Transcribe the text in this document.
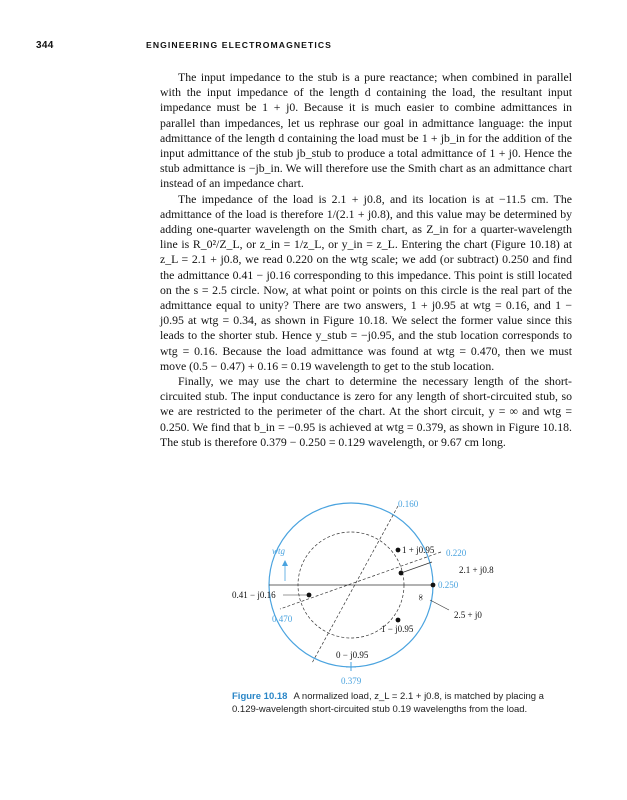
344	ENGINEERING ELECTROMAGNETICS

The input impedance to the stub is a pure reactance; when combined in parallel with the input impedance of the length d containing the load, the resultant input impedance must be 1 + j0. Because it is much easier to combine admittances in parallel than impedances, let us rephrase our goal in admittance language: the input admittance of the length d containing the load must be 1 + jb_in for the addition of the input admittance of the stub jb_stub to produce a total admittance of 1 + j0. Hence the stub admittance is −jb_in. We will therefore use the Smith chart as an admittance chart instead of an impedance chart.

The impedance of the load is 2.1 + j0.8, and its location is at −11.5 cm. The admittance of the load is therefore 1/(2.1 + j0.8), and this value may be determined by adding one-quarter wavelength on the Smith chart, as Z_in for a quarter-wavelength line is R_0²/Z_L, or z_in = 1/z_L, or y_in = z_L. Entering the chart (Figure 10.18) at z_L = 2.1 + j0.8, we read 0.220 on the wtg scale; we add (or subtract) 0.250 and find the admittance 0.41 − j0.16 corresponding to this impedance. This point is still located on the s = 2.5 circle. Now, at what point or points on this circle is the real part of the admittance equal to unity? There are two answers, 1 + j0.95 at wtg = 0.16, and 1 − j0.95 at wtg = 0.34, as shown in Figure 10.18. We select the former value since this leads to the shorter stub. Hence y_stub = −j0.95, and the stub location corresponds to wtg = 0.16. Because the load admittance was found at wtg = 0.470, then we must move (0.5 − 0.47) + 0.16 = 0.19 wavelength to get to the stub location.

Finally, we may use the chart to determine the necessary length of the short-circuited stub. The input conductance is zero for any length of short-circuited stub, so we are restricted to the perimeter of the chart. At the short circuit, y = ∞ and wtg = 0.250. We find that b_in = −0.95 is achieved at wtg = 0.379, as shown in Figure 10.18. The stub is therefore 0.379 − 0.250 = 0.129 wavelength, or 9.67 cm long.

0.160
wtg	1 + j0.95 0.220
2.1 + j0.8
0.250
∞
0.41 − j0.16
0.470	2.5 + j0
1 − j0.95
0 − j0.95
0.379
Figure 10.18 A normalized load, z_L = 2.1 + j0.8, is matched by placing a 0.129-wavelength short-circuited stub 0.19 wavelengths from the load.
